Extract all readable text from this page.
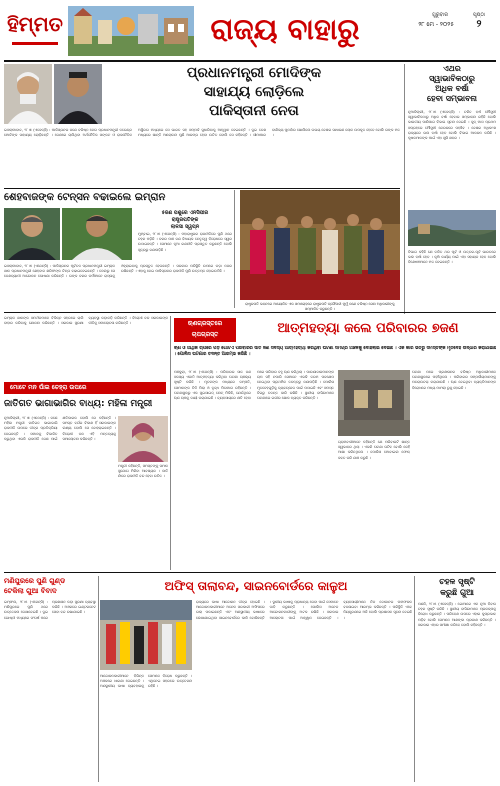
ହିମ୍ମତ	ରାଜ୍ୟ ବାହାରୁ	ଗୁରୁବାର	ପୃଷ୍ଠା
୨୮ ମେ - ୨୦୨୫	୨
ପ୍ରଧାନମନ୍ତ୍ରୀ ମୋଦିଙ୍କ
ସାହାଯ୍ୟ ଲୋଡ଼ିଲେ
ପାକିସ୍ତାନୀ ନେତା
ଇସଲାମାବାଦ, ୨୮।୫ (ଏଜେନ୍ସି) : ପାକିସ୍ତାନର ଜଣେ ବରିଷ୍ଠ ନେତା ପ୍ରଧାନମନ୍ତ୍ରୀ ନରେନ୍ଦ୍ର ମୋଦିଙ୍କ ସାହାଯ୍ୟ ଲୋଡ଼ିଛନ୍ତି । ଦେଶରେ ଚାଲିଥିବା ଅର୍ଥନୈତିକ ସଙ୍କଟ ଓ ରାଜନୈତିକ ଅସ୍ଥିରତା ମଧ୍ୟରେ ସେ ଭାରତ ସହ ସମ୍ପର୍କ ସୁଧାରିବାକୁ ଆହ୍ୱାନ ଦେଇଛନ୍ତି । ଦୁଇ ଦେଶ ମଧ୍ୟରେ ଶାନ୍ତି ଆଲୋଚନା ପୁଣି ଆରମ୍ଭ ହେବା ଉଚିତ ବୋଲି ସେ କହିଛନ୍ତି । ସୀମାପାର ବାଣିଜ୍ୟ ପୁନର୍ବାର ଖୋଲିଲେ ଉଭୟ ଦେଶର ସାଧାରଣ ଲୋକ ଉପକୃତ ହେବେ ବୋଲି ତାଙ୍କ ମତ ।
ଏଥର
ସ୍ୱାଭାବିକଠାରୁ
ଅଧିକ ବର୍ଷା
ହେବା ସମ୍ଭାବନା
ନୂଆଦିଲ୍ଲୀ, ୨୮।୫ (ଏଜେନ୍ସି) : ଚଳିତ ବର୍ଷ ମୌସୁମୀ ସ୍ୱାଭାବିକଠାରୁ ଅଧିକ ବର୍ଷା ହେବାର ସମ୍ଭାବନା ରହିଛି ବୋଲି ଭାରତୀୟ ପାଣିପାଗ ବିଭାଗ ସୂଚନା ଦେଇଛି । ଜୁନ୍ ମାସ ପ୍ରଥମ ସପ୍ତାହରେ ମୌସୁମୀ କେରଳରେ ପହଞ୍ଚିବ । ଦେଶର ଅଧିକାଂଶ ରାଜ୍ୟରେ ଭଲ ବର୍ଷା ହେବ ବୋଲି ବିଭାଗ ଆକଳନ କରିଛି । କୃଷକମାନଙ୍କ ପାଇଁ ଏହା ଖୁସି ଖବର ।
ବିଭାଗ କହିଛି ଯେ ଚଳିତ ଥର ପୂର୍ବ ଓ ଉତ୍ତର-ପୂର୍ବ ଭାରତରେ ଭଲ ବର୍ଷା ହେବ । କୃଷି କାର୍ଯ୍ୟ ପାଇଁ ଏହା ସହାୟକ ହେବ ବୋଲି ବିଶେଷଜ୍ଞମାନେ ମତ ଦେଇଛନ୍ତି ।
ଶେହବାଜଙ୍କ ଟେନ୍‌ସନ ବଢାଇଲେ ଇମ୍ରାନ
ଇସଲାମାବାଦ, ୨୮।୫ (ଏଜେନ୍ସି) : ପାକିସ୍ତାନର ପୂର୍ବତନ ପ୍ରଧାନମନ୍ତ୍ରୀ ଇମ୍ରାନ ଖାନ ପ୍ରଧାନମନ୍ତ୍ରୀ ଶେହବାଜ ଶରିଫଙ୍କ ଚିନ୍ତା ବଢାଇଦେଇଛନ୍ତି । ଜେଲରୁ ସେ ଦେଶବ୍ୟାପୀ ଆନ୍ଦୋଳନ ଘୋଷଣା କରିଛନ୍ତି । ତାଙ୍କ ଦଳର କର୍ମୀମାନେ ରାସ୍ତାକୁ ଓହ୍ଲାଇବାକୁ ପ୍ରସ୍ତୁତ ହେଉଛନ୍ତି । ସରକାର ପରିସ୍ଥିତି ଉପରେ କଡ଼ା ନଜର ରଖିଛନ୍ତି । ଏହାକୁ ନେଇ ପାକିସ୍ତାନର ରାଜନୀତି ପୁଣି ଉତ୍ତପ୍ତ ହୋଇଉଠିଛି ।
୫ଜଣ ପଶୁରେ ଏନସିପୀର
ରାଷ୍ଟ୍ରପତିଙ୍କ
ଲାଳସା ସ୍ୱପ୍ନ
ମୁମ୍ବାଇ, ୨୮।୫ (ଏଜେନ୍ସି) : ମହାରାଷ୍ଟ୍ରର ରାଜନୀତିରେ ପୁଣି ଥରେ ଚହଳ ପଡ଼ିଛି । ଦଳର ପାଞ୍ଚ ଜଣ ବିଧାୟକ ନେତୃତ୍ୱ ବିରୋଧରେ ସ୍ୱର ଉଠାଇଛନ୍ତି । ସେମାନେ ନୂଆ ରଣନୀତି ପ୍ରସ୍ତୁତ କରୁଛନ୍ତି ବୋଲି ସୂତ୍ରରୁ ଜଣାପଡ଼ିଛି ।
ରାଷ୍ଟ୍ରପତି ଭବନରେ ଆୟୋଜିତ ଏକ ସମାରୋହରେ ରାଷ୍ଟ୍ରପତି ଦ୍ରୌପଦୀ ମୁର୍ମୁ ଜଣେ ବରିଷ୍ଠ ସେନା ଅଧିକାରୀଙ୍କୁ ସମ୍ମାନିତ କରୁଛନ୍ତି ।
ଋଣଗ୍ରସ୍ତରେ
ଚାପଗ୍ରସ୍ତ	ଆତ୍ମହତ୍ୟା କଲେ ପରିବାରର ୭ଜଣ
ଋଣ ଓ ଆର୍ଥିକ ଚାପରେ ପଡ଼ି ଗୋଟିଏ ପରିବାରର ସାତ ଜଣ ସଦସ୍ୟ ଆତ୍ମହତ୍ୟା କରିଥିବା ଘଟଣା ସମଗ୍ର ଅଞ୍ଚଳକୁ ଦୋହଲାଇ ଦେଇଛି । ଏକ କାର ଭିତରୁ ସମସ୍ତଙ୍କ ମୃତଦେହ ଉଦ୍ଧାର କରାଯାଇଛି । ପୋଲିସ ଘଟଣାର ତଦନ୍ତ ଆରମ୍ଭ କରିଛି ।
ପଞ୍ଚକୁଲା, ୨୮।୫ (ଏଜେନ୍ସି) : ପରିବାରର ସାତ ଜଣ ସଦସ୍ୟ ଏକାଠି ଆତ୍ମହତ୍ୟା କରିଥିବା ଘଟଣା ଚାଞ୍ଚଲ୍ୟ ସୃଷ୍ଟି କରିଛି । ମୃତକଙ୍କ ମଧ୍ୟରେ ଦମ୍ପତି, ସେମାନଙ୍କ ତିନି ପିଲା ଓ ବୃଦ୍ଧ ପିତାମାତା ରହିଛନ୍ତି । ଘଟଣାସ୍ଥଳରୁ ଏକ ସୁଇସାଇଡ୍ ନୋଟ୍ ମିଳିଛି, ଯେଉଁଥିରେ ଋଣ ଚାପକୁ ଦାୟୀ କରାଯାଇଛି । ବ୍ୟବସାୟରେ କ୍ଷତି ହେବା ପରେ ପରିବାର ବହୁ ଋଣ କରିଥିଲା । ପାଉଣାଦାରମାନଙ୍କ ଚାପ ସହି ନପାରି ସେମାନେ ଏଭଳି ଚରମ ପଦକ୍ଷେପ ନେଇଥିବା ପ୍ରାଥମିକ ତଦନ୍ତରୁ ଜଣାପଡ଼ିଛି । ପୋଲିସ ମୃତଦେହଗୁଡ଼ିକୁ ବ୍ୟବଚ୍ଛେଦ ପାଇଁ ପଠାଇଛି ଏବଂ ସମସ୍ତ ଦିଗରୁ ତଦନ୍ତ ଜାରି ରଖିଛି । ସ୍ଥାନୀୟ ବାସିନ୍ଦାମାନେ ଘଟଣାରେ ଗଭୀର ଶୋକ ବ୍ୟକ୍ତ କରିଛନ୍ତି ।
ଘଟଣା ପରେ ପ୍ରଶାସନର ବରିଷ୍ଠ ଅଧିକାରୀମାନେ ଘଟଣାସ୍ଥଳରେ ପହଞ୍ଚିଥିଲେ । ପରିବାରର ସମ୍ପର୍କୀୟମାନଙ୍କୁ ପଚରାଉଚରା କରାଯାଉଛି । ଋଣ ଦେଇଥିବା ବ୍ୟକ୍ତିମାନଙ୍କ ବିରୋଧରେ ମଧ୍ୟ ମାମଲା ରୁଜୁ ହୋଇଛି ।
ଗ୍ରାମବାସୀମାନେ କହିଛନ୍ତି ଯେ ପରିବାରଟି ଶାନ୍ତ ସ୍ୱଭାବର ଥିଲା । ଏଭଳି ଘଟଣା ଘଟିବ ବୋଲି କେହି ଆଶା କରିନଥିଲେ । ପୋଲିସ ମୋବାଇଲ ଫୋନ୍ ଜବତ କରି ଯାଞ୍ଚ କରୁଛି ।
ମୋଟେ ମନ ପାଁଇ ଚେହ୍ରା ଉପରେ
ଜାତିଗତ ଭାଗାଭାଗିର ବାଧ୍ୟ: ମହିଳା ମନ୍ତ୍ରୀ
ନୂଆଦିଲ୍ଲୀ, ୨୮।୫ (ଏଜେନ୍ସି) : ଜଣେ ମହିଳା ମନ୍ତ୍ରୀ ଜାତିଗତ ଭାଗାଭାଗି ରାଜନୀତି ଉପରେ ତୀବ୍ର ପ୍ରତିକ୍ରିୟା ଦେଇଛନ୍ତି । ସମାଜକୁ ବିଭାଜିତ କରୁଥିବା ଏଭଳି ରାଜନୀତି ଦେଶ ପାଇଁ କ୍ଷତିକାରକ ବୋଲି ସେ କହିଛନ୍ତି । ସମସ୍ତ ବର୍ଗର ବିକାଶ ହିଁ ସରକାରଙ୍କ ଲକ୍ଷ୍ୟ ବୋଲି ସେ ଦୋହରାଇଛନ୍ତି । ବିରୋଧୀ ଦଳ ଏହି ମନ୍ତବ୍ୟକୁ ସମାଲୋଚନା କରିଛନ୍ତି ।
ମନ୍ତ୍ରୀ କହିଛନ୍ତି, ସମସ୍ତଙ୍କୁ ସମାନ ସୁଯୋଗ ମିଳିବା ଆବଶ୍ୟକ । ଜାତି ନାଁରେ ରାଜନୀତି ବନ୍ଦ ହେବା ଉଚିତ ।
ଇମ୍ରାନ ଖାନଙ୍କ ସମର୍ଥକମାନେ ବିଭିନ୍ନ ସହରରେ ରାଲି ବାହାର କରିବାକୁ ଯୋଜନା କରିଛନ୍ତି । ସରକାର ସୁରକ୍ଷା ବ୍ୟବସ୍ଥା କଡ଼ାକଡ଼ି କରିଛନ୍ତି । ବିରୋଧୀ ଦଳ ସରକାରଙ୍କ ନୀତିକୁ ସମାଲୋଚନା କରିଛନ୍ତି ।
ମଣିପୁରରେ ପୁଣି ଗୁଣ୍ଡ
ଟେକିଲା ଗୁଆ ବିବାଦ
ଇମ୍ଫଲ, ୨୮।୫ (ଏଜେନ୍ସି) : ମଣିପୁରରେ ପୁଣି ଥରେ ଉତ୍ତେଜନା ଦେଖାଦେଇଛି । ଦୁଇ ଗୋଷ୍ଠୀ ମଧ୍ୟରେ ସଂଘର୍ଷ ପରେ ପ୍ରଶାସନ କଡ଼ା ସୁରକ୍ଷା ବ୍ୟବସ୍ଥା କରିଛି । ଅଞ୍ଚଳରେ ଇଣ୍ଟରନେଟ ସେବା ବନ୍ଦ ରଖାଯାଇଛି ।
ଅଫିସ୍ ତାଲାବନ୍ଦ, ସାଇନବୋର୍ଡରେ କାଳୁଅ
ରାଜ୍ୟରେ ଭାଷା ଆନ୍ଦୋଳନ ତୀବ୍ର ହୋଇଛି । ଆନ୍ଦୋଳନକାରୀମାନେ ଅନେକ ସରକାରୀ ଅଫିସରେ ତାଲା ପକାଇଛନ୍ତି ଏବଂ ଅଣସ୍ଥାନୀୟ ଭାଷାରେ ଲେଖାଯାଇଥିବା ସାଇନବୋର୍ଡରେ କାଳି ବୋଳିଛନ୍ତି । ସ୍ଥାନୀୟ ଭାଷାକୁ ପ୍ରାଧାନ୍ୟ ଦେବା ପାଇଁ ସେମାନେ ଦାବି କରୁଛନ୍ତି । ପୋଲିସ ଅନେକ ଆନ୍ଦୋଳନକାରୀଙ୍କୁ ଅଟକ ରଖିଛି । ସରକାର ଆଲୋଚନା ପାଇଁ ଆହ୍ୱାନ ଦେଇଛନ୍ତି । ବ୍ୟବସାୟୀମାନେ ନିଜ ଦୋକାନର ନାମଫଳକ ବଦଳାଇବା ଆରମ୍ଭ କରିଛନ୍ତି । ପରିସ୍ଥିତି ଏବେ ନିୟନ୍ତ୍ରଣରେ ଅଛି ବୋଲି ପ୍ରଶାସନ ସୂଚନା ଦେଇଛି ।
ଆନ୍ଦୋଳନକାରୀମାନେ ବିଭିନ୍ନ ଅଞ୍ଚଳରେ ଧାରଣା ଦେଇଛନ୍ତି । ଅଣସ୍ଥାନୀୟ ଭାଷା ବ୍ୟବହାରକୁ ସେମାନେ ବିରୋଧ କରୁଛନ୍ତି । ଏଥିନେଇ ସହରରେ ଉତ୍ତେଜନା ରହିଛି ।
ଚହଳ ସୃଷ୍ଟି
କରୁଛି ଗୁଆ
ପଣଜି, ୨୮।୫ (ଏଜେନ୍ସି) : ଗୋଆରେ ଏକ ନୂଆ ବିବାଦ ଚହଳ ସୃଷ୍ଟି କରିଛି । ସ୍ଥାନୀୟ ବାସିନ୍ଦାମାନେ ପ୍ରକଳ୍ପକୁ ବିରୋଧ କରୁଛନ୍ତି । ପରିବେଶ ଉପରେ ଏହାର କୁପ୍ରଭାବ ପଡ଼ିବ ବୋଲି ସେମାନେ ଆଶଙ୍କା ପ୍ରକାଶ କରିଛନ୍ତି । ସରକାର ଏହାର ସମୀକ୍ଷା କରିବେ ବୋଲି କହିଛନ୍ତି ।
